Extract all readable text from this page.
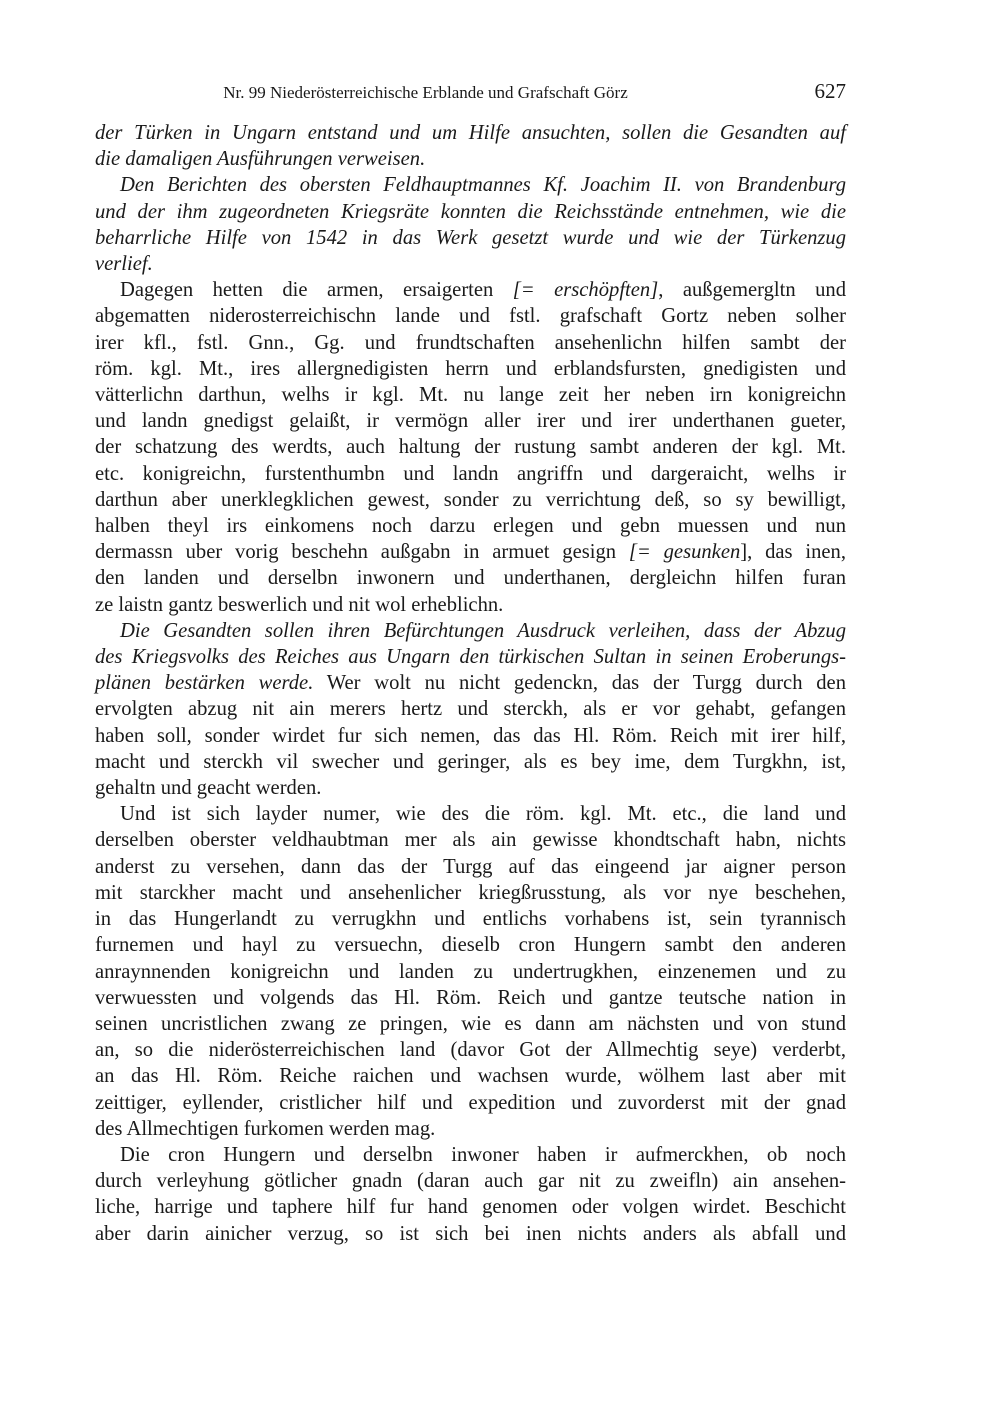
Nr. 99 Niederösterreichische Erblande und Grafschaft Görz	627
der Türken in Ungarn entstand und um Hilfe ansuchten, sollen die Gesandten auf
die damaligen Ausführungen verweisen.
Den Berichten des obersten Feldhauptmannes Kf. Joachim II. von Brandenburg
und der ihm zugeordneten Kriegsräte konnten die Reichsstände entnehmen, wie die
beharrliche Hilfe von 1542 in das Werk gesetzt wurde und wie der Türkenzug
verlief.
Dagegen hetten die armen, ersaigerten [= erschöpften], außgemergltn und
abgematten niderosterreichischn lande und fstl. grafschaft Gortz neben solher
irer kfl., fstl. Gnn., Gg. und frundtschaften ansehenlichn hilfen sambt der
röm. kgl. Mt., ires allergnedigisten herrn und erblandsfursten, gnedigisten und
vätterlichn darthun, welhs ir kgl. Mt. nu lange zeit her neben irn konigreichn
und landn gnedigst gelaißt, ir vermögn aller irer und irer underthanen gueter,
der schatzung des werdts, auch haltung der rustung sambt anderen der kgl. Mt.
etc. konigreichn, furstenthumbn und landn angriffn und dargeraicht, welhs ir
darthun aber unerklegklichen gewest, sonder zu verrichtung deß, so sy bewilligt,
halben theyl irs einkomens noch darzu erlegen und gebn muessen und nun
dermassn uber vorig beschehn außgabn in armuet gesign [= gesunken], das inen,
den landen und derselbn inwonern und underthanen, dergleichn hilfen furan
ze laistn gantz beswerlich und nit wol erheblichn.
Die Gesandten sollen ihren Befürchtungen Ausdruck verleihen, dass der Abzug
des Kriegsvolks des Reiches aus Ungarn den türkischen Sultan in seinen Eroberungs-
plänen bestärken werde. Wer wolt nu nicht gedenckn, das der Turgg durch den
ervolgten abzug nit ain merers hertz und sterckh, als er vor gehabt, gefangen
haben soll, sonder wirdet fur sich nemen, das das Hl. Röm. Reich mit irer hilf,
macht und sterckh vil swecher und geringer, als es bey ime, dem Turgkhn, ist,
gehaltn und geacht werden.
Und ist sich layder numer, wie des die röm. kgl. Mt. etc., die land und
derselben oberster veldhaubtman mer als ain gewisse khondtschaft habn, nichts
anderst zu versehen, dann das der Turgg auf das eingeend jar aigner person
mit starckher macht und ansehenlicher kriegßrusstung, als vor nye beschehen,
in das Hungerlandt zu verrugkhn und entlichs vorhabens ist, sein tyrannisch
furnemen und hayl zu versuechn, dieselb cron Hungern sambt den anderen
anraynnenden konigreichn und landen zu undertrugkhen, einzenemen und zu
verwuessten und volgends das Hl. Röm. Reich und gantze teutsche nation in
seinen uncristlichen zwang ze pringen, wie es dann am nächsten und von stund
an, so die niderösterreichischen land (davor Got der Allmechtig seye) verderbt,
an das Hl. Röm. Reiche raichen und wachsen wurde, wölhem last aber mit
zeittiger, eyllender, cristlicher hilf und expedition und zuvorderst mit der gnad
des Allmechtigen furkomen werden mag.
Die cron Hungern und derselbn inwoner haben ir aufmerckhen, ob noch
durch verleyhung götlicher gnadn (daran auch gar nit zu zweifln) ain ansehen-
liche, harrige und taphere hilf fur hand genomen oder volgen wirdet. Beschicht
aber darin ainicher verzug, so ist sich bei inen nichts anders als abfall und
